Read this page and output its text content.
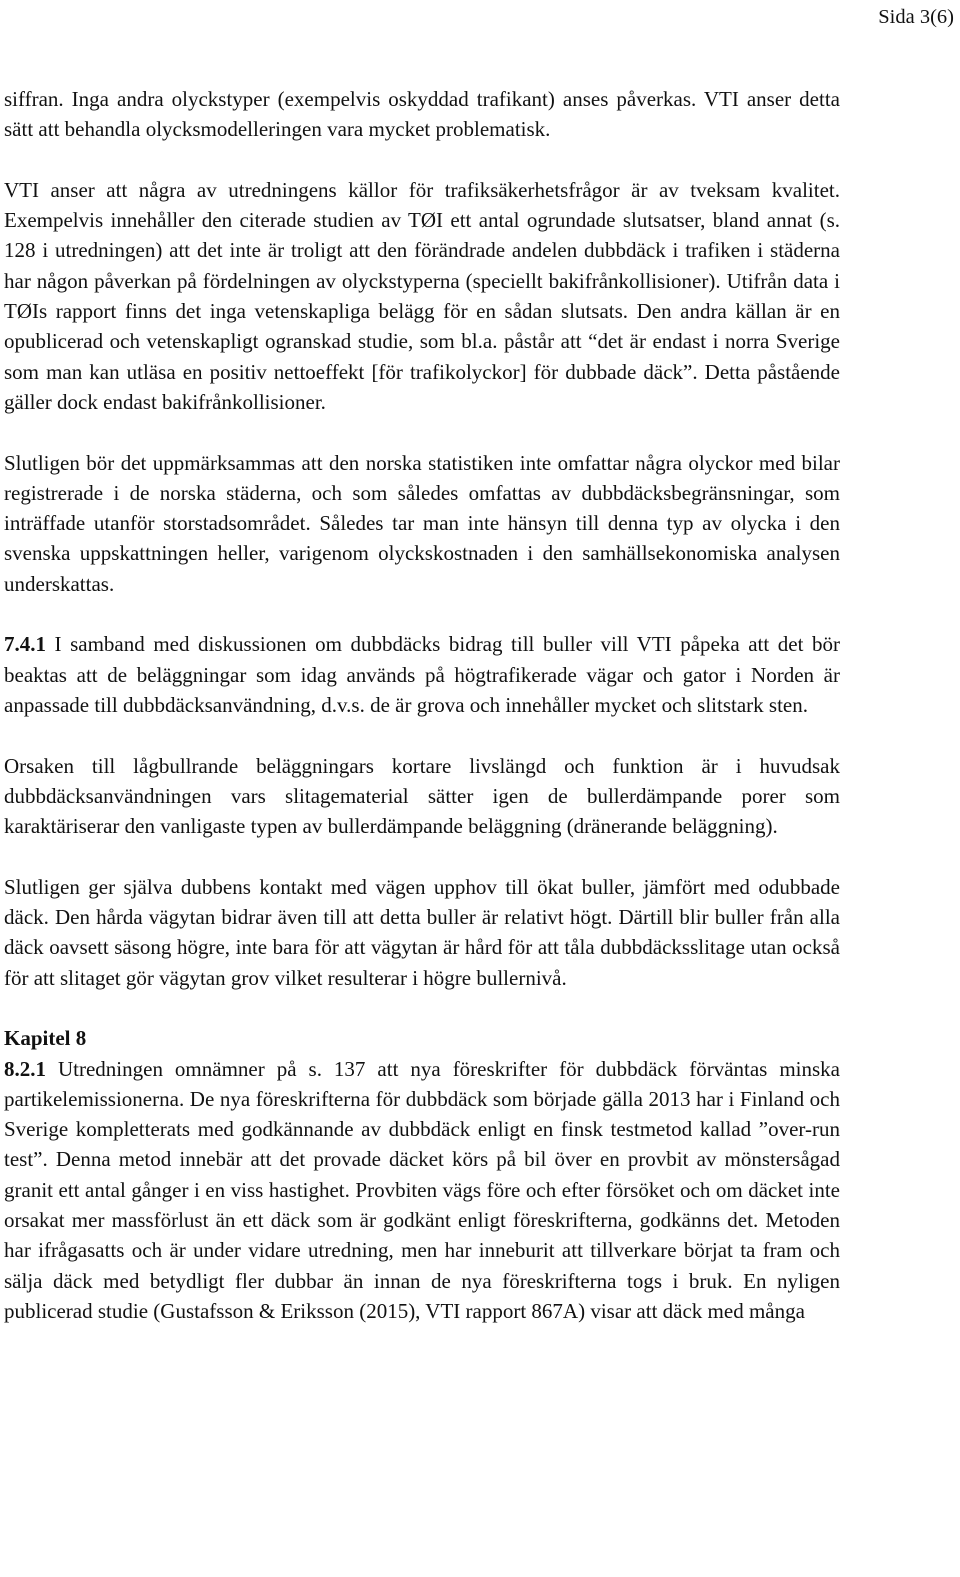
Sida 3(6)

siffran. Inga andra olyckstyper (exempelvis oskyddad trafikant) anses påverkas. VTI anser detta sätt att behandla olycksmodelleringen vara mycket problematisk.

VTI anser att några av utredningens källor för trafiksäkerhetsfrågor är av tveksam kvalitet. Exempelvis innehåller den citerade studien av TØI ett antal ogrundade slutsatser, bland annat (s. 128 i utredningen) att det inte är troligt att den förändrade andelen dubbdäck i trafiken i städerna har någon påverkan på fördelningen av olyckstyperna (speciellt bakifrånkollisioner). Utifrån data i TØIs rapport finns det inga vetenskapliga belägg för en sådan slutsats. Den andra källan är en opublicerad och vetenskapligt ogranskad studie, som bl.a. påstår att “det är endast i norra Sverige som man kan utläsa en positiv nettoeffekt [för trafikolyckor] för dubbade däck”. Detta påstående gäller dock endast bakifrånkollisioner.

Slutligen bör det uppmärksammas att den norska statistiken inte omfattar några olyckor med bilar registrerade i de norska städerna, och som således omfattas av dubbdäcksbegränsningar, som inträffade utanför storstadsområdet. Således tar man inte hänsyn till denna typ av olycka i den svenska uppskattningen heller, varigenom olyckskostnaden i den samhällsekonomiska analysen underskattas.

7.4.1 I samband med diskussionen om dubbdäcks bidrag till buller vill VTI påpeka att det bör beaktas att de beläggningar som idag används på högtrafikerade vägar och gator i Norden är anpassade till dubbdäcksanvändning, d.v.s. de är grova och innehåller mycket och slitstark sten.

Orsaken till lågbullrande beläggningars kortare livslängd och funktion är i huvudsak dubbdäcksanvändningen vars slitagematerial sätter igen de bullerdämpande porer som karaktäriserar den vanligaste typen av bullerdämpande beläggning (dränerande beläggning).

Slutligen ger själva dubbens kontakt med vägen upphov till ökat buller, jämfört med odubbade däck. Den hårda vägytan bidrar även till att detta buller är relativt högt. Därtill blir buller från alla däck oavsett säsong högre, inte bara för att vägytan är hård för att tåla dubbdäcksslitage utan också för att slitaget gör vägytan grov vilket resulterar i högre bullernivå.

Kapitel 8
8.2.1 Utredningen omnämner på s. 137 att nya föreskrifter för dubbdäck förväntas minska partikelemissionerna. De nya föreskrifterna för dubbdäck som började gälla 2013 har i Finland och Sverige kompletterats med godkännande av dubbdäck enligt en finsk testmetod kallad ”over-run test”. Denna metod innebär att det provade däcket körs på bil över en provbit av mönstersågad granit ett antal gånger i en viss hastighet. Provbiten vägs före och efter försöket och om däcket inte orsakat mer massförlust än ett däck som är godkänt enligt föreskrifterna, godkänns det. Metoden har ifrågasatts och är under vidare utredning, men har inneburit att tillverkare börjat ta fram och sälja däck med betydligt fler dubbar än innan de nya föreskrifterna togs i bruk. En nyligen publicerad studie (Gustafsson & Eriksson (2015), VTI rapport 867A) visar att däck med många
